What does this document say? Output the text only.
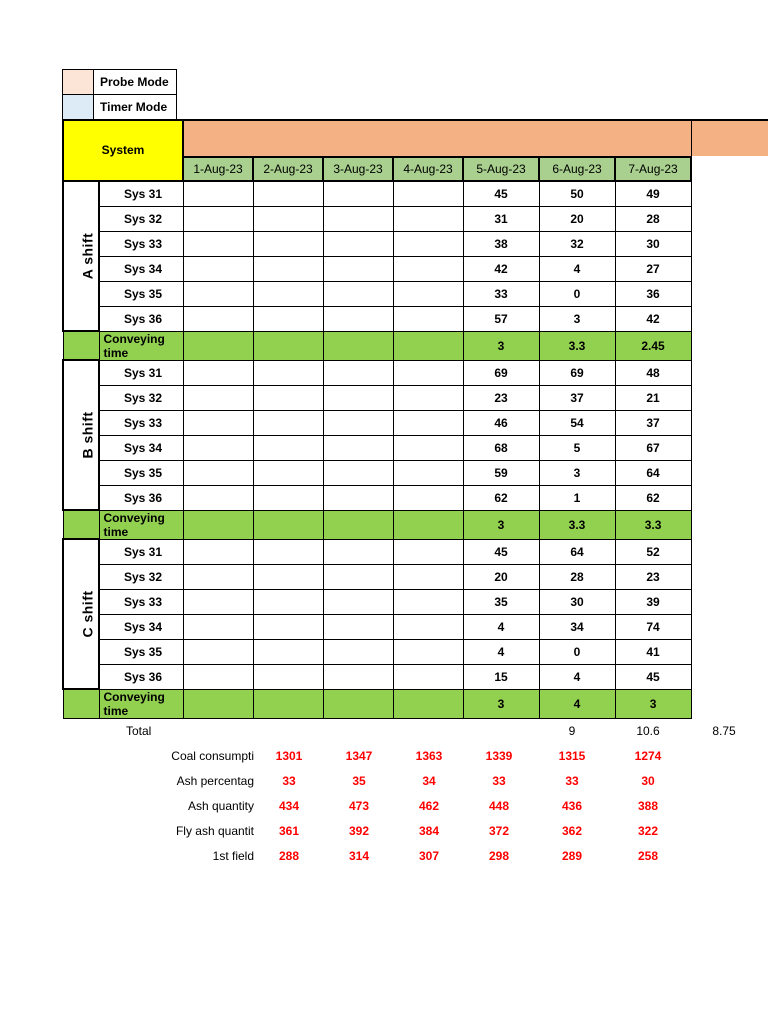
	Probe Mode
	Timer Mode
System								
		1-Aug-23	2-Aug-23	3-Aug-23	4-Aug-23	5-Aug-23	6-Aug-23	7-Aug-23
A shift	Sys 31					45	50	49
	Sys 32					31	20	28
	Sys 33					38	32	30
	Sys 34					42	4	27
	Sys 35					33	0	36
	Sys 36					57	3	42
	Conveying time					3	3.3	2.45
B shift	Sys 31					69	69	48
	Sys 32					23	37	21
	Sys 33					46	54	37
	Sys 34					68	5	67
	Sys 35					59	3	64
	Sys 36					62	1	62
	Conveying time					3	3.3	3.3
C shift	Sys 31					45	64	52
	Sys 32					20	28	23
	Sys 33					35	30	39
	Sys 34					4	34	74
	Sys 35					4	0	41
	Sys 36					15	4	45
	Conveying time					3	4	3
Total					9	10.6	8.75
Coal consumpti	1301	1347	1363	1339	1315	1274	
Ash percentag	33	35	34	33	33	30	
Ash quantity	434	473	462	448	436	388	
Fly ash quantit	361	392	384	372	362	322	
1st field	288	314	307	298	289	258	
